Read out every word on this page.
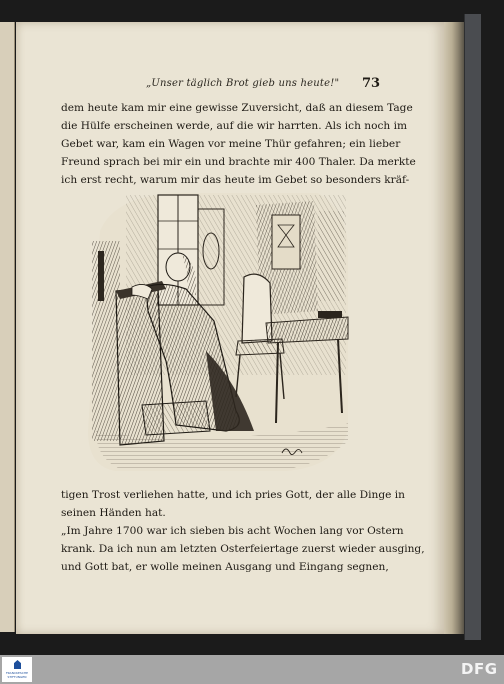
„Unser täglich Brot gieb uns heute!" 73
dem heute kam mir eine gewisse Zuversicht, daß an diesem Tage
die Hülfe erscheinen werde, auf die wir harrten. Als ich noch im
Gebet war, kam ein Wagen vor meine Thür gefahren; ein lieber
Freund sprach bei mir ein und brachte mir 400 Thaler. Da merkte
ich erst recht, warum mir das heute im Gebet so besonders kräf-
tigen Trost verliehen hatte, und ich pries Gott, der alle Dinge in
seinen Händen hat.
„Im Jahre 1700 war ich sieben bis acht Wochen lang vor Ostern
krank. Da ich nun am letzten Osterfeiertage zuerst wieder ausging,
und Gott bat, er wolle meinen Ausgang und Eingang segnen,
FRANCKESCHE STIFTUNGEN	DFG
